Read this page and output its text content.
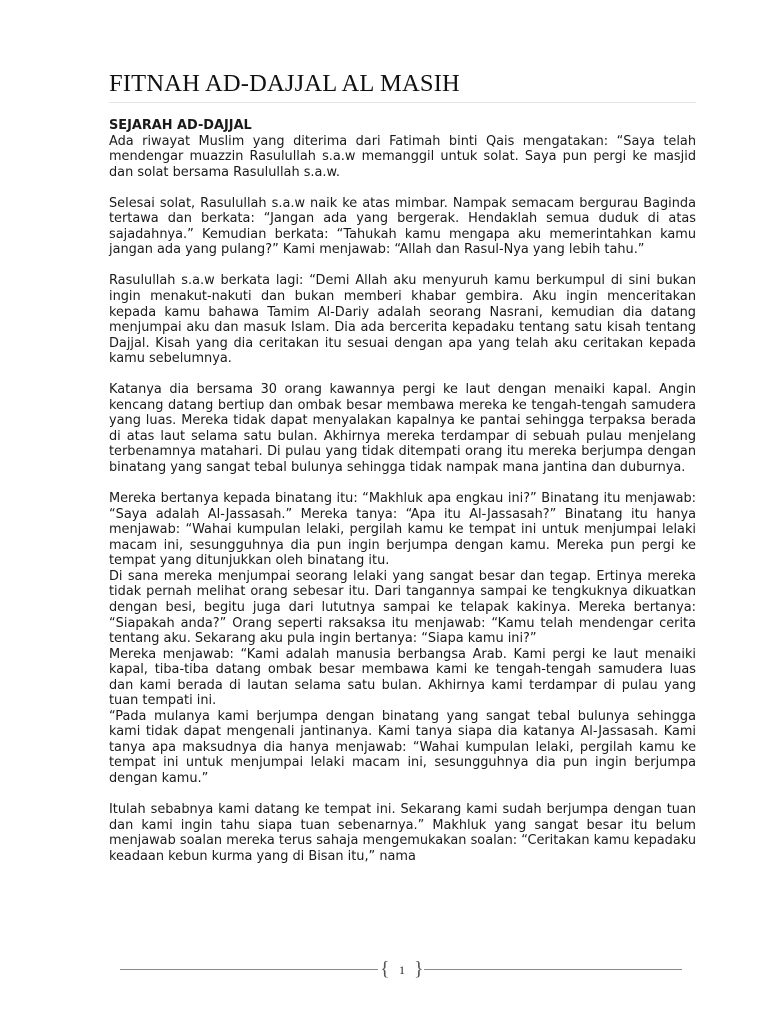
FITNAH AD-DAJJAL AL MASIH

SEJARAH AD-DAJJAL

Ada riwayat Muslim yang diterima dari Fatimah binti Qais mengatakan: “Saya telah mendengar muazzin Rasulullah s.a.w memanggil untuk solat. Saya pun pergi ke masjid dan solat bersama Rasulullah s.a.w.

Selesai solat, Rasulullah s.a.w naik ke atas mimbar. Nampak semacam bergurau Baginda tertawa dan berkata: “Jangan ada yang bergerak. Hendaklah semua duduk di atas sajadahnya.” Kemudian berkata: “Tahukah kamu mengapa aku memerintahkan kamu jangan ada yang pulang?” Kami menjawab: “Allah dan Rasul-Nya yang lebih tahu.”

Rasulullah s.a.w berkata lagi: “Demi Allah aku menyuruh kamu berkumpul di sini bukan ingin menakut-nakuti dan bukan memberi khabar gembira. Aku ingin menceritakan kepada kamu bahawa Tamim Al-Dariy adalah seorang Nasrani, kemudian dia datang menjumpai aku dan masuk Islam. Dia ada bercerita kepadaku tentang satu kisah tentang Dajjal. Kisah yang dia ceritakan itu sesuai dengan apa yang telah aku ceritakan kepada kamu sebelumnya.

Katanya dia bersama 30 orang kawannya pergi ke laut dengan menaiki kapal. Angin kencang datang bertiup dan ombak besar membawa mereka ke tengah-tengah samudera yang luas. Mereka tidak dapat menyalakan kapalnya ke pantai sehingga terpaksa berada di atas laut selama satu bulan. Akhirnya mereka terdampar di sebuah pulau menjelang terbenamnya matahari. Di pulau yang tidak ditempati orang itu mereka berjumpa dengan binatang yang sangat tebal bulunya sehingga tidak nampak mana jantina dan duburnya.

Mereka bertanya kepada binatang itu: “Makhluk apa engkau ini?” Binatang itu menjawab: “Saya adalah Al-Jassasah.” Mereka tanya: “Apa itu Al-Jassasah?” Binatang itu hanya menjawab: “Wahai kumpulan lelaki, pergilah kamu ke tempat ini untuk menjumpai lelaki macam ini, sesungguhnya dia pun ingin berjumpa dengan kamu. Mereka pun pergi ke tempat yang ditunjukkan oleh binatang itu.

Di sana mereka menjumpai seorang lelaki yang sangat besar dan tegap. Ertinya mereka tidak pernah melihat orang sebesar itu. Dari tangannya sampai ke tengkuknya dikuatkan dengan besi, begitu juga dari lututnya sampai ke telapak kakinya. Mereka bertanya: “Siapakah anda?” Orang seperti raksaksa itu menjawab: “Kamu telah mendengar cerita tentang aku. Sekarang aku pula ingin bertanya: “Siapa kamu ini?”

Mereka menjawab: “Kami adalah manusia berbangsa Arab. Kami pergi ke laut menaiki kapal, tiba-tiba datang ombak besar membawa kami ke tengah-tengah samudera luas dan kami berada di lautan selama satu bulan. Akhirnya kami terdampar di pulau yang tuan tempati ini.

“Pada mulanya kami berjumpa dengan binatang yang sangat tebal bulunya sehingga kami tidak dapat mengenali jantinanya. Kami tanya siapa dia katanya Al-Jassasah. Kami tanya apa maksudnya dia hanya menjawab: “Wahai kumpulan lelaki, pergilah kamu ke tempat ini untuk menjumpai lelaki macam ini, sesungguhnya dia pun ingin berjumpa dengan kamu.”

Itulah sebabnya kami datang ke tempat ini. Sekarang kami sudah berjumpa dengan tuan dan kami ingin tahu siapa tuan sebenarnya.” Makhluk yang sangat besar itu belum menjawab soalan mereka terus sahaja mengemukakan soalan: “Ceritakan kamu kepadaku keadaan kebun kurma yang di Bisan itu,” nama

{ 1 }
